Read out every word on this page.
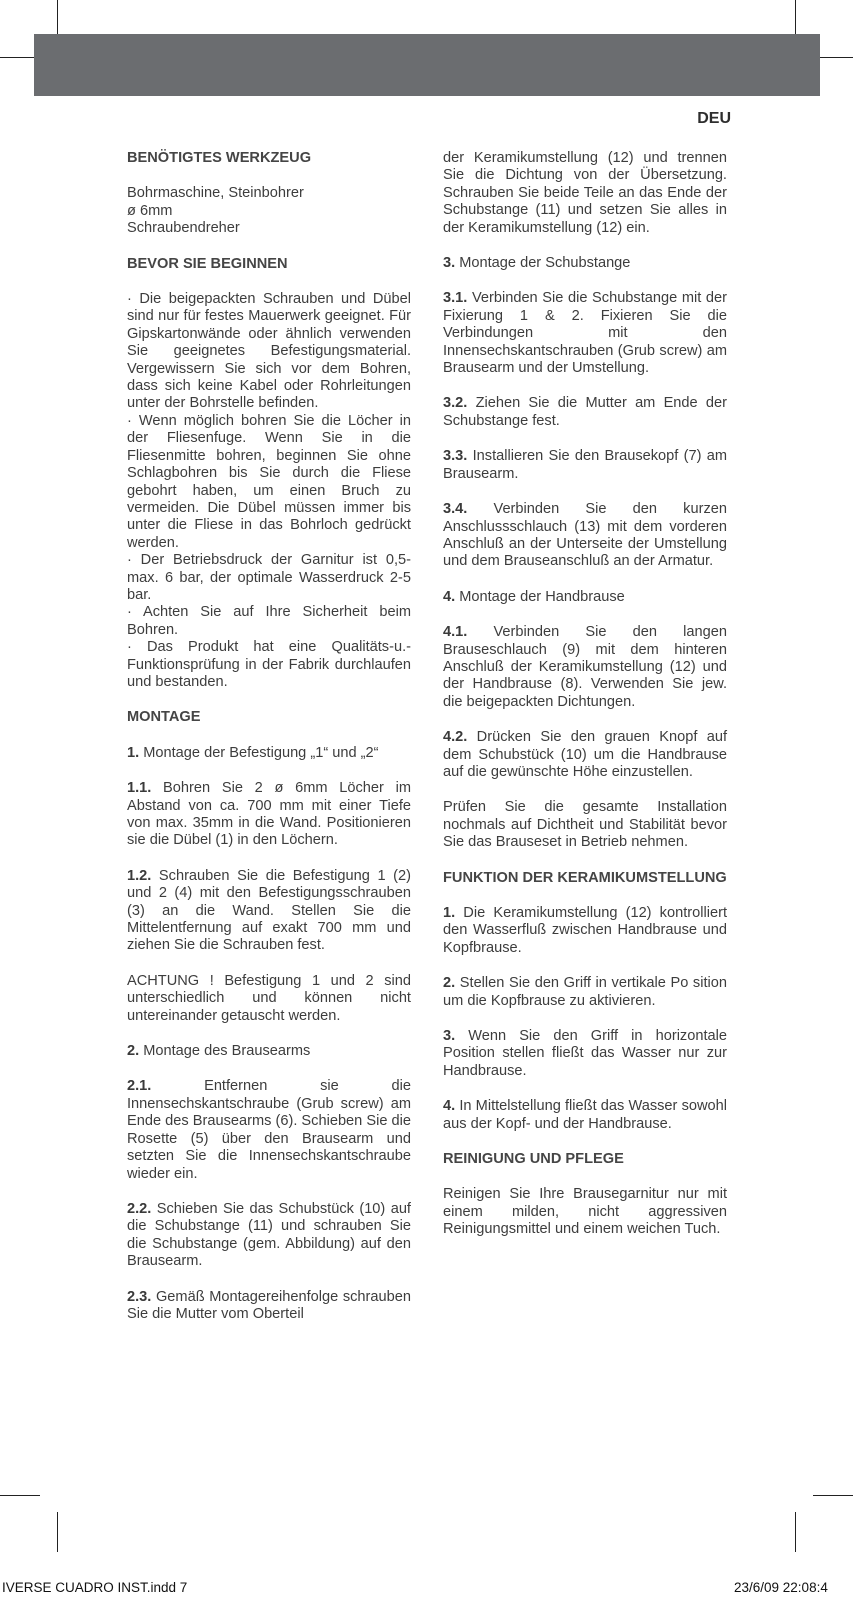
DEU
BENÖTIGTES WERKZEUG

Bohrmaschine, Steinbohrer

ø 6mm

Schraubendreher

BEVOR SIE BEGINNEN

· Die beigepackten Schrauben und Dübel sind nur für festes Mauerwerk geeignet. Für Gipskartonwände oder ähnlich verwenden Sie geeignetes Befestigungsmaterial. Vergewissern Sie sich vor dem Bohren, dass sich keine Kabel oder Rohrleitungen unter der Bohrstelle befinden.

· Wenn möglich bohren Sie die Löcher in der Fliesenfuge. Wenn Sie in die Fliesenmitte bohren, beginnen Sie ohne Schlagbohren bis Sie durch die Fliese gebohrt haben, um einen Bruch zu vermeiden. Die Dübel müssen immer bis unter die Fliese in das Bohrloch gedrückt werden.

· Der Betriebsdruck der Garnitur ist 0,5-max. 6 bar, der optimale Wasserdruck 2-5 bar.

· Achten Sie auf Ihre Sicherheit beim Bohren.

· Das Produkt hat eine Qualitäts-u.-Funktionsprüfung in der Fabrik durchlaufen und bestanden.

MONTAGE

1. Montage der Befestigung „1“ und „2“

1.1. Bohren Sie 2 ø 6mm Löcher im Abstand von ca. 700 mm mit einer Tiefe von max. 35mm in die Wand. Positionieren sie die Dübel (1) in den Löchern.

1.2. Schrauben Sie die Befestigung 1 (2) und 2 (4) mit den Befestigungsschrauben (3) an die Wand. Stellen Sie die Mittelentfernung auf exakt 700 mm und ziehen Sie die Schrauben fest.

ACHTUNG ! Befestigung 1 und 2 sind unterschiedlich und können nicht untereinander getauscht werden.

2. Montage des Brausearms

2.1. Entfernen sie die Innensechskantschraube (Grub screw) am Ende des Brausearms (6). Schieben Sie die Rosette (5) über den Brausearm und setzten Sie die Innensechskantschraube wieder ein.

2.2. Schieben Sie das Schubstück (10) auf die Schubstange (11) und schrauben Sie die Schubstange (gem. Abbildung) auf den Brausearm.

2.3. Gemäß Montagereihenfolge schrauben Sie die Mutter vom Oberteil

der Keramikumstellung (12) und trennen Sie die Dichtung von der Übersetzung. Schrauben Sie beide Teile an das Ende der Schubstange (11) und setzen Sie alles in der Keramikumstellung (12) ein.

3. Montage der Schubstange

3.1. Verbinden Sie die Schubstange mit der Fixierung 1 & 2. Fixieren Sie die Verbindungen mit den Innensechskantschrauben (Grub screw) am Brausearm und der Umstellung.

3.2. Ziehen Sie die Mutter am Ende der Schubstange fest.

3.3. Installieren Sie den Brausekopf (7) am Brausearm.

3.4. Verbinden Sie den kurzen Anschlussschlauch (13) mit dem vorderen Anschluß an der Unterseite der Umstellung und dem Brauseanschluß an der Armatur.

4. Montage der Handbrause

4.1. Verbinden Sie den langen Brauseschlauch (9) mit dem hinteren Anschluß der Keramikumstellung (12) und der Handbrause (8). Verwenden Sie jew. die beigepackten Dichtungen.

4.2. Drücken Sie den grauen Knopf auf dem Schubstück (10) um die Handbrause auf die gewünschte Höhe einzustellen.

Prüfen Sie die gesamte Installation nochmals auf Dichtheit und Stabilität bevor Sie das Brauseset in Betrieb nehmen.

FUNKTION DER KERAMIKUMSTELLUNG

1. Die Keramikumstellung (12) kontrolliert den Wasserfluß zwischen Handbrause und Kopfbrause.

2. Stellen Sie den Griff in vertikale Po sition um die Kopfbrause zu aktivieren.

3. Wenn Sie den Griff in horizontale Position stellen fließt das Wasser nur zur Handbrause.

4. In Mittelstellung fließt das Wasser sowohl aus der Kopf- und der Handbrause.

REINIGUNG UND PFLEGE

Reinigen Sie Ihre Brausegarnitur nur mit einem milden, nicht aggressiven Reinigungsmittel und einem weichen Tuch.

IVERSE CUADRO INST.indd 7	23/6/09 22:08:4
